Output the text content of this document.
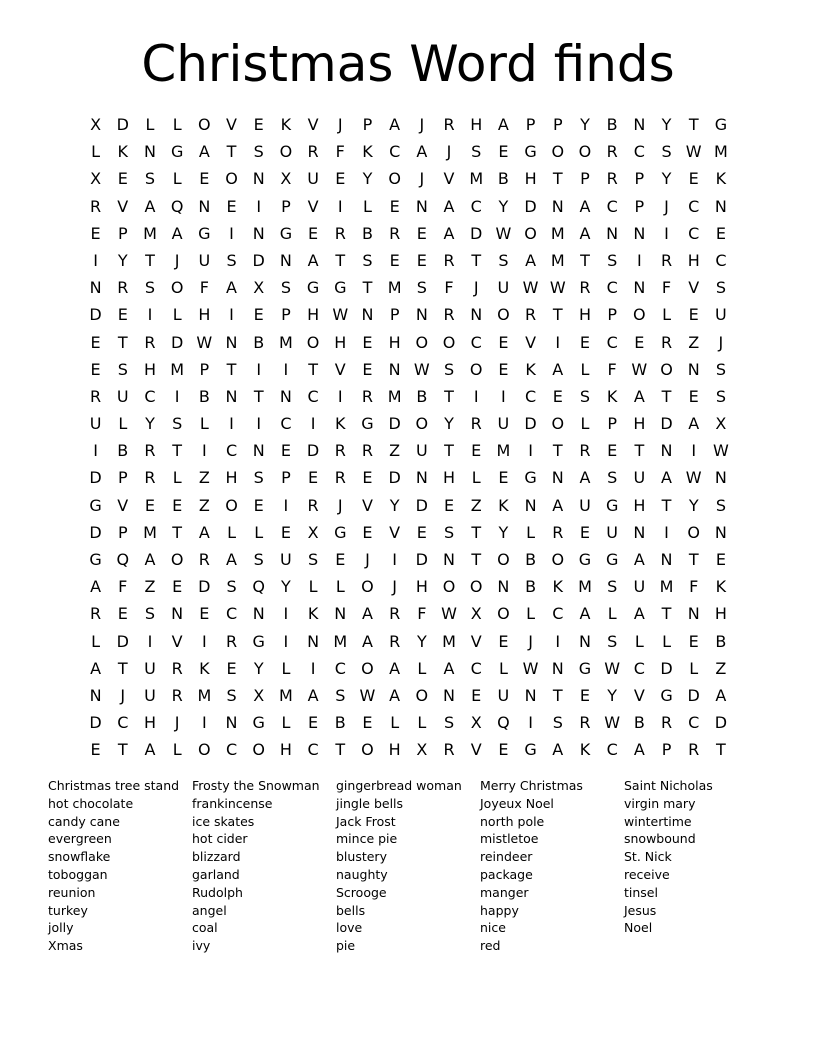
Christmas Word finds
X D	L	L	O V	E	K	V	J	P	A	J	R H A	P	P	Y	B N	Y	T	G
L	K N G A	T	S O R	F	K	C	A	J	S	E G O O R	C	S W M
X	E	S	L	E O N X U	E	Y	O	J	V M B H	T	P	R	P	Y	E	K
R	V	A Q N	E	I	P	V	I	L	E	N A	C	Y	D N A	C	P	J	C N
E	P M A G	I	N G E	R	B	R	E	A D W O M A N N	I	C	E
I	Y	T	J	U	S D N A	T	S	E	E	R	T	S	A M T	S	I	R H C
N R	S O	F	A	X	S G G	T M S	F	J	U W W R	C N	F	V	S
D E	I	L	H	I	E	P	H W N	P	N R N O R	T	H	P	O	L	E	U
E	T	R D W N B M O H	E	H O O C	E	V	I	E	C	E	R	Z	J
E	S	H M P	T	I	I	T	V	E	N W S O E	K	A	L	F W O N	S
R U C	I	B N	T	N C	I	R M B	T	I	I	C	E	S	K	A	T	E	S
U	L	Y	S	L	I	I	C	I	K G D O	Y	R U D O	L	P	H D A	X
I	B	R	T	I	C N	E D R	R	Z U	T	E M	I	T	R	E	T	N	I	W
D	P	R	L	Z H	S	P	E	R	E D N H	L	E G N A	S	U A W N
G V	E	E	Z O E	I	R	J	V	Y	D E	Z	K N A U G H	T	Y	S
D	P M T	A	L	L	E	X G E	V	E	S	T	Y	L	R	E	U N	I	O N
G Q A O R	A	S	U	S	E	J	I	D N	T	O B O G G A N	T	E
A	F	Z	E D S Q	Y	L	L	O	J	H O O N B	K M S	U M F	K
R	E	S	N	E	C N	I	K N A	R	F W X O	L	C	A	L	A	T	N H
L	D	I	V	I	R G	I	N M A	R	Y M V	E	J	I	N	S	L	L	E	B
A	T	U R	K	E	Y	L	I	C O A	L	A	C	L W N G W C D	L	Z
N	J	U R M S	X M A	S W A O N	E	U N	T	E	Y	V G D A
D C H	J	I	N G	L	E	B	E	L	L	S	X Q	I	S	R W B	R	C D
E	T	A	L	O C O H C	T	O H X	R	V	E G A	K	C	A	P	R	T
Christmas tree stand
hot chocolate
candy cane
evergreen
snowflake
toboggan
reunion
turkey
jolly
Xmas
Frosty the Snowman
frankincense
ice skates
hot cider
blizzard
garland
Rudolph
angel
coal
ivy
gingerbread woman
jingle bells
Jack Frost
mince pie
blustery
naughty
Scrooge
bells
love
pie
Merry Christmas
Joyeux Noel
north pole
mistletoe
reindeer
package
manger
happy
nice
red
Saint Nicholas
virgin mary
wintertime
snowbound
St. Nick
receive
tinsel
Jesus
Noel
